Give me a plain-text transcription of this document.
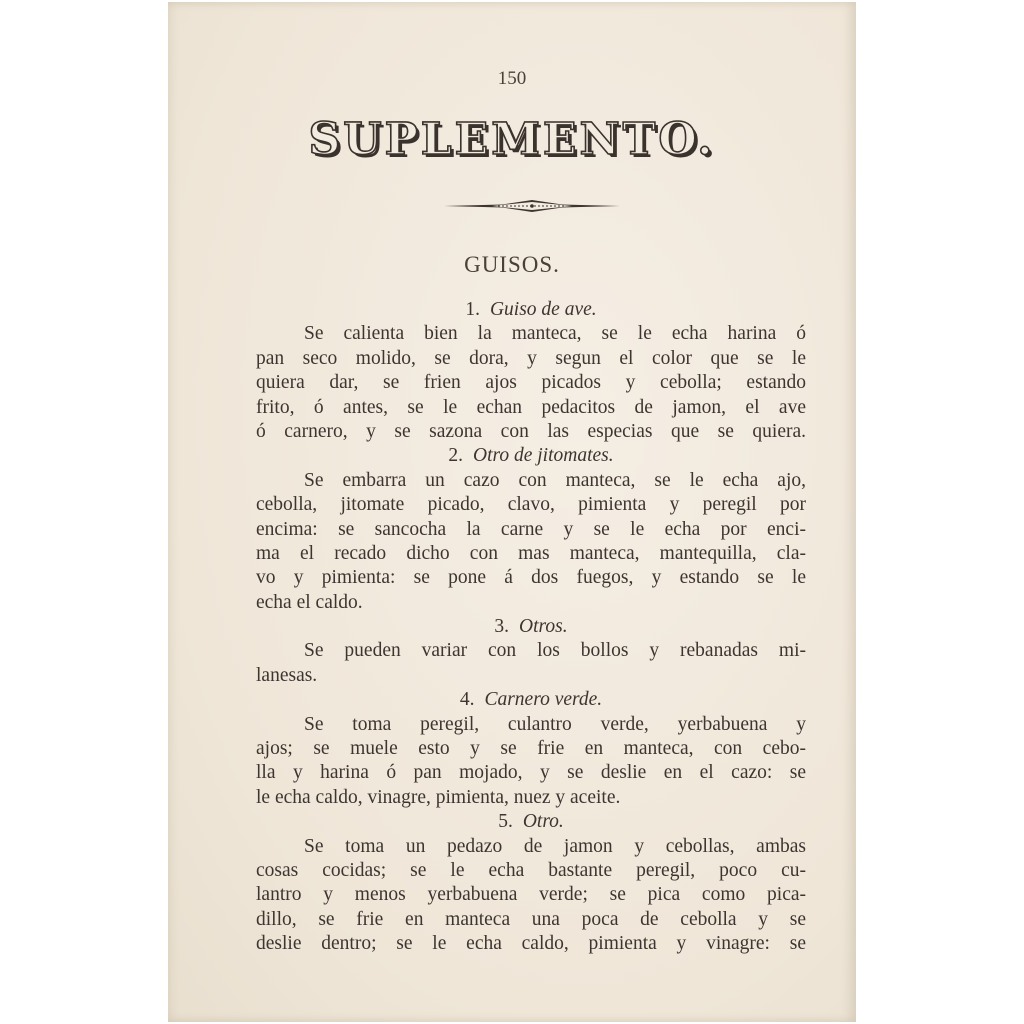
150
SUPLEMENTO.
GUISOS.
1. Guiso de ave.
Se calienta bien la manteca, se le echa harina ó
pan seco molido, se dora, y segun el color que se le
quiera dar, se frien ajos picados y cebolla; estando
frito, ó antes, se le echan pedacitos de jamon, el ave
ó carnero, y se sazona con las especias que se quiera.
2. Otro de jitomates.
Se embarra un cazo con manteca, se le echa ajo,
cebolla, jitomate picado, clavo, pimienta y peregil por
encima: se sancocha la carne y se le echa por enci-
ma el recado dicho con mas manteca, mantequilla, cla-
vo y pimienta: se pone á dos fuegos, y estando se le
echa el caldo.
3. Otros.
Se pueden variar con los bollos y rebanadas mi-
lanesas.
4. Carnero verde.
Se toma peregil, culantro verde, yerbabuena y
ajos; se muele esto y se frie en manteca, con cebo-
lla y harina ó pan mojado, y se deslie en el cazo: se
le echa caldo, vinagre, pimienta, nuez y aceite.
5. Otro.
Se toma un pedazo de jamon y cebollas, ambas
cosas cocidas; se le echa bastante peregil, poco cu-
lantro y menos yerbabuena verde; se pica como pica-
dillo, se frie en manteca una poca de cebolla y se
deslie dentro; se le echa caldo, pimienta y vinagre: se
